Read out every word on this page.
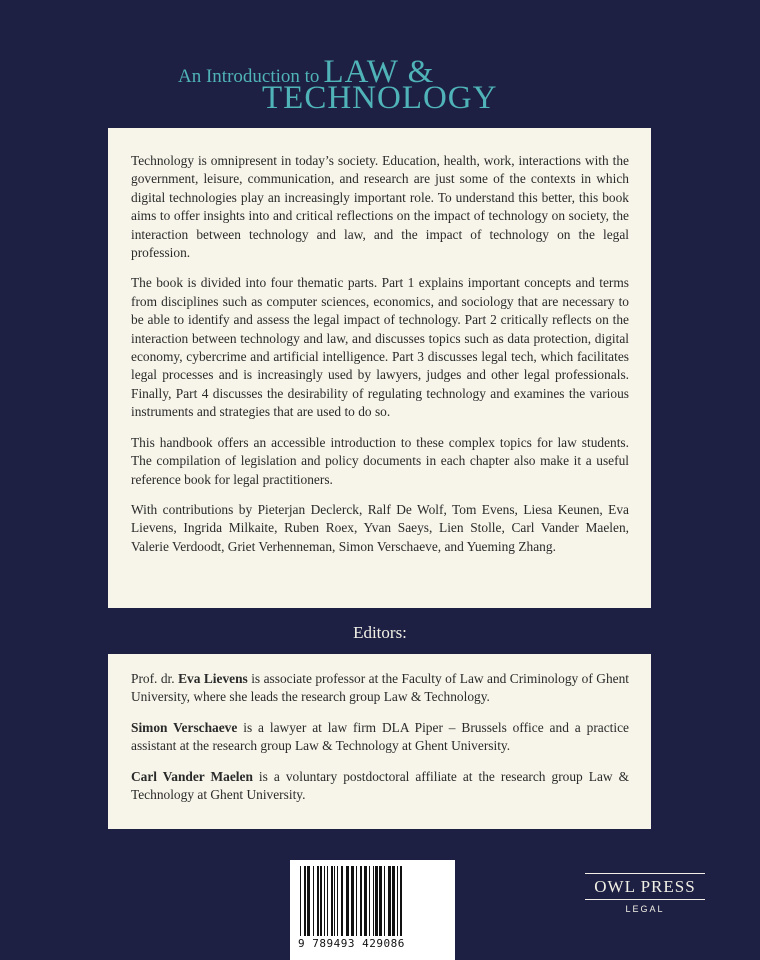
An Introduction to LAW &
TECHNOLOGY

Technology is omnipresent in today’s society. Education, health, work, interactions with the government, leisure, communication, and research are just some of the contexts in which digital technologies play an increasingly important role. To understand this better, this book aims to offer insights into and critical reflections on the impact of technology on society, the interaction between technology and law, and the impact of technology on the legal profession.

The book is divided into four thematic parts. Part 1 explains important concepts and terms from disciplines such as computer sciences, economics, and sociology that are necessary to be able to identify and assess the legal impact of technology. Part 2 critically reflects on the interaction between technology and law, and discusses topics such as data protection, digital economy, cybercrime and artificial intelligence. Part 3 discusses legal tech, which facilitates legal processes and is increasingly used by lawyers, judges and other legal professionals. Finally, Part 4 discusses the desirability of regulating technology and examines the various instruments and strategies that are used to do so.

This handbook offers an accessible introduction to these complex topics for law students. The compilation of legislation and policy documents in each chapter also make it a useful reference book for legal practitioners.

With contributions by Pieterjan Declerck, Ralf De Wolf, Tom Evens, Liesa Keunen, Eva Lievens, Ingrida Milkaite, Ruben Roex, Yvan Saeys, Lien Stolle, Carl Vander Maelen, Valerie Verdoodt, Griet Verhenneman, Simon Verschaeve, and Yueming Zhang.

Editors:

Prof. dr. Eva Lievens is associate professor at the Faculty of Law and Criminology of Ghent University, where she leads the research group Law & Technology.

Simon Verschaeve is a lawyer at law firm DLA Piper – Brussels office and a practice assistant at the research group Law & Technology at Ghent University.

Carl Vander Maelen is a voluntary postdoctoral affiliate at the research group Law & Technology at Ghent University.

9 789493 429086
OWL PRESS
LEGAL
